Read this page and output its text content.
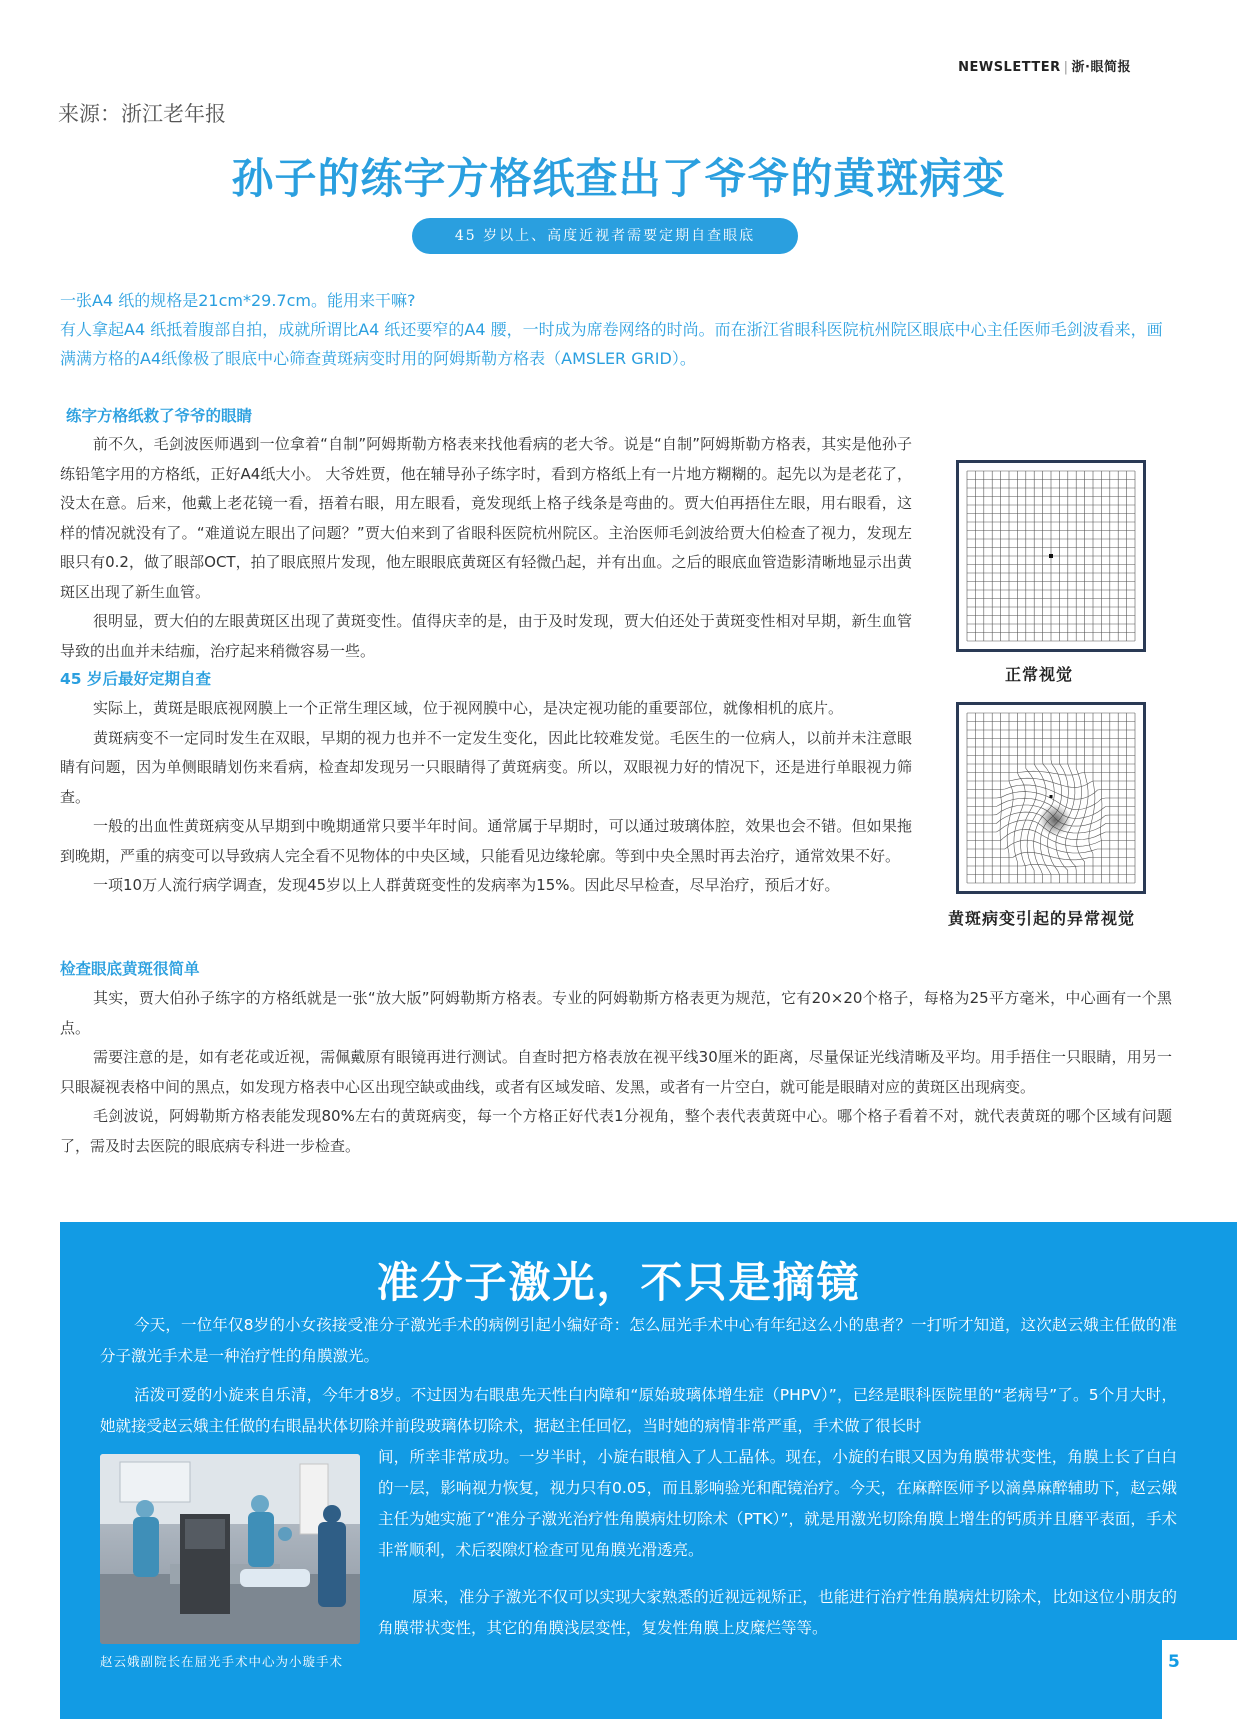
NEWSLETTER | 浙·眼简报
来源：浙江老年报
孙子的练字方格纸查出了爷爷的黄斑病变
45 岁以上、高度近视者需要定期自查眼底
一张A4 纸的规格是21cm*29.7cm。能用来干嘛?
有人拿起A4 纸抵着腹部自拍，成就所谓比A4 纸还要窄的A4 腰，一时成为席卷网络的时尚。而在浙江省眼科医院杭州院区眼底中心主任医师毛剑波看来，画满满方格的A4纸像极了眼底中心筛查黄斑病变时用的阿姆斯勒方格表（AMSLER GRID）。
练字方格纸救了爷爷的眼睛

前不久，毛剑波医师遇到一位拿着“自制”阿姆斯勒方格表来找他看病的老大爷。说是“自制”阿姆斯勒方格表，其实是他孙子练铅笔字用的方格纸，正好A4纸大小。 大爷姓贾，他在辅导孙子练字时，看到方格纸上有一片地方糊糊的。起先以为是老花了，没太在意。后来，他戴上老花镜一看，捂着右眼，用左眼看，竟发现纸上格子线条是弯曲的。贾大伯再捂住左眼，用右眼看，这样的情况就没有了。“难道说左眼出了问题？”贾大伯来到了省眼科医院杭州院区。主治医师毛剑波给贾大伯检查了视力，发现左眼只有0.2，做了眼部OCT，拍了眼底照片发现，他左眼眼底黄斑区有轻微凸起，并有出血。之后的眼底血管造影清晰地显示出黄斑区出现了新生血管。

很明显，贾大伯的左眼黄斑区出现了黄斑变性。值得庆幸的是，由于及时发现，贾大伯还处于黄斑变性相对早期，新生血管导致的出血并未结痂，治疗起来稍微容易一些。

45 岁后最好定期自查

实际上，黄斑是眼底视网膜上一个正常生理区域，位于视网膜中心，是决定视功能的重要部位，就像相机的底片。

黄斑病变不一定同时发生在双眼，早期的视力也并不一定发生变化，因此比较难发觉。毛医生的一位病人，以前并未注意眼睛有问题，因为单侧眼睛划伤来看病，检查却发现另一只眼睛得了黄斑病变。所以，双眼视力好的情况下，还是进行单眼视力筛查。

一般的出血性黄斑病变从早期到中晚期通常只要半年时间。通常属于早期时，可以通过玻璃体腔，效果也会不错。但如果拖到晚期，严重的病变可以导致病人完全看不见物体的中央区域，只能看见边缘轮廓。等到中央全黑时再去治疗，通常效果不好。

一项10万人流行病学调查，发现45岁以上人群黄斑变性的发病率为15%。因此尽早检查，尽早治疗，预后才好。

检查眼底黄斑很简单

其实，贾大伯孙子练字的方格纸就是一张“放大版”阿姆勒斯方格表。专业的阿姆勒斯方格表更为规范，它有20×20个格子，每格为25平方毫米，中心画有一个黑点。

需要注意的是，如有老花或近视，需佩戴原有眼镜再进行测试。自查时把方格表放在视平线30厘米的距离，尽量保证光线清晰及平均。用手捂住一只眼睛，用另一只眼凝视表格中间的黑点，如发现方格表中心区出现空缺或曲线，或者有区域发暗、发黑，或者有一片空白，就可能是眼睛对应的黄斑区出现病变。

毛剑波说，阿姆勒斯方格表能发现80%左右的黄斑病变，每一个方格正好代表1分视角，整个表代表黄斑中心。哪个格子看着不对，就代表黄斑的哪个区域有问题了，需及时去医院的眼底病专科进一步检查。

正常视觉
黄斑病变引起的异常视觉
准分子激光，不只是摘镜

今天，一位年仅8岁的小女孩接受准分子激光手术的病例引起小编好奇：怎么屈光手术中心有年纪这么小的患者？一打听才知道，这次赵云娥主任做的准分子激光手术是一种治疗性的角膜激光。

活泼可爱的小旋来自乐清，今年才8岁。不过因为右眼患先天性白内障和“原始玻璃体增生症（PHPV）”，已经是眼科医院里的“老病号”了。5个月大时，她就接受赵云娥主任做的右眼晶状体切除并前段玻璃体切除术，据赵主任回忆，当时她的病情非常严重，手术做了很长时

间，所幸非常成功。一岁半时，小旋右眼植入了人工晶体。现在，小旋的右眼又因为角膜带状变性，角膜上长了白白的一层，影响视力恢复，视力只有0.05，而且影响验光和配镜治疗。今天，在麻醉医师予以滴鼻麻醉辅助下，赵云娥主任为她实施了“准分子激光治疗性角膜病灶切除术（PTK）”，就是用激光切除角膜上增生的钙质并且磨平表面，手术非常顺利，术后裂隙灯检查可见角膜光滑透亮。

原来，准分子激光不仅可以实现大家熟悉的近视远视矫正，也能进行治疗性角膜病灶切除术，比如这位小朋友的角膜带状变性，其它的角膜浅层变性，复发性角膜上皮糜烂等等。

赵云娥副院长在屈光手术中心为小璇手术	5
